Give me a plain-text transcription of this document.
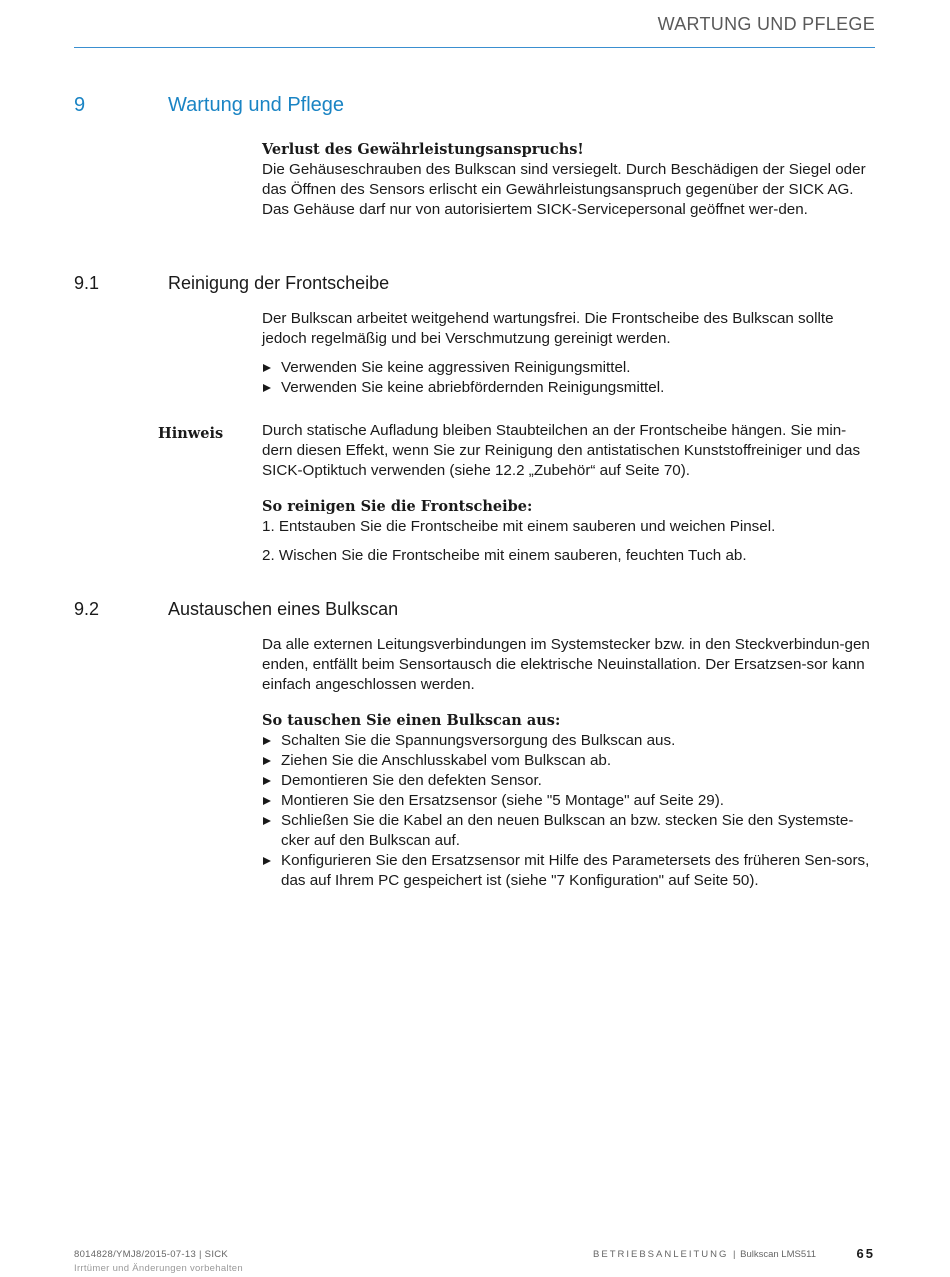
WARTUNG UND PFLEGE
9	Wartung und Pflege

Verlust des Gewährleistungsanspruchs!

Die Gehäuseschrauben des Bulkscan sind versiegelt. Durch Beschädigen der Siegel oder das Öffnen des Sensors erlischt ein Gewährleistungsanspruch gegenüber der SICK AG. Das Gehäuse darf nur von autorisiertem SICK-Servicepersonal geöffnet wer-den.

9.1	Reinigung der Frontscheibe

Der Bulkscan arbeitet weitgehend wartungsfrei. Die Frontscheibe des Bulkscan sollte jedoch regelmäßig und bei Verschmutzung gereinigt werden.

Verwenden Sie keine aggressiven Reinigungsmittel.
Verwenden Sie keine abriebfördernden Reinigungsmittel.
Hinweis	Durch statische Aufladung bleiben Staubteilchen an der Frontscheibe hängen. Sie min-dern diesen Effekt, wenn Sie zur Reinigung den antistatischen Kunststoffreiniger und das SICK-Optiktuch verwenden (siehe 12.2 „Zubehör“ auf Seite 70).

So reinigen Sie die Frontscheibe:

1. Entstauben Sie die Frontscheibe mit einem sauberen und weichen Pinsel.

2. Wischen Sie die Frontscheibe mit einem sauberen, feuchten Tuch ab.

9.2	Austauschen eines Bulkscan

Da alle externen Leitungsverbindungen im Systemstecker bzw. in den Steckverbindun-gen enden, entfällt beim Sensortausch die elektrische Neuinstallation. Der Ersatzsen-sor kann einfach angeschlossen werden.

So tauschen Sie einen Bulkscan aus:

Schalten Sie die Spannungsversorgung des Bulkscan aus.
Ziehen Sie die Anschlusskabel vom Bulkscan ab.
Demontieren Sie den defekten Sensor.
Montieren Sie den Ersatzsensor (siehe "5 Montage" auf Seite 29).
Schließen Sie die Kabel an den neuen Bulkscan an bzw. stecken Sie den Systemste-cker auf den Bulkscan auf.
Konfigurieren Sie den Ersatzsensor mit Hilfe des Parametersets des früheren Sen-sors, das auf Ihrem PC gespeichert ist (siehe "7 Konfiguration" auf Seite 50).
8014828/YMJ8/2015-07-13 | SICK
Irrtümer und Änderungen vorbehalten
BETRIEBSANLEITUNG | Bulkscan LMS511	65
